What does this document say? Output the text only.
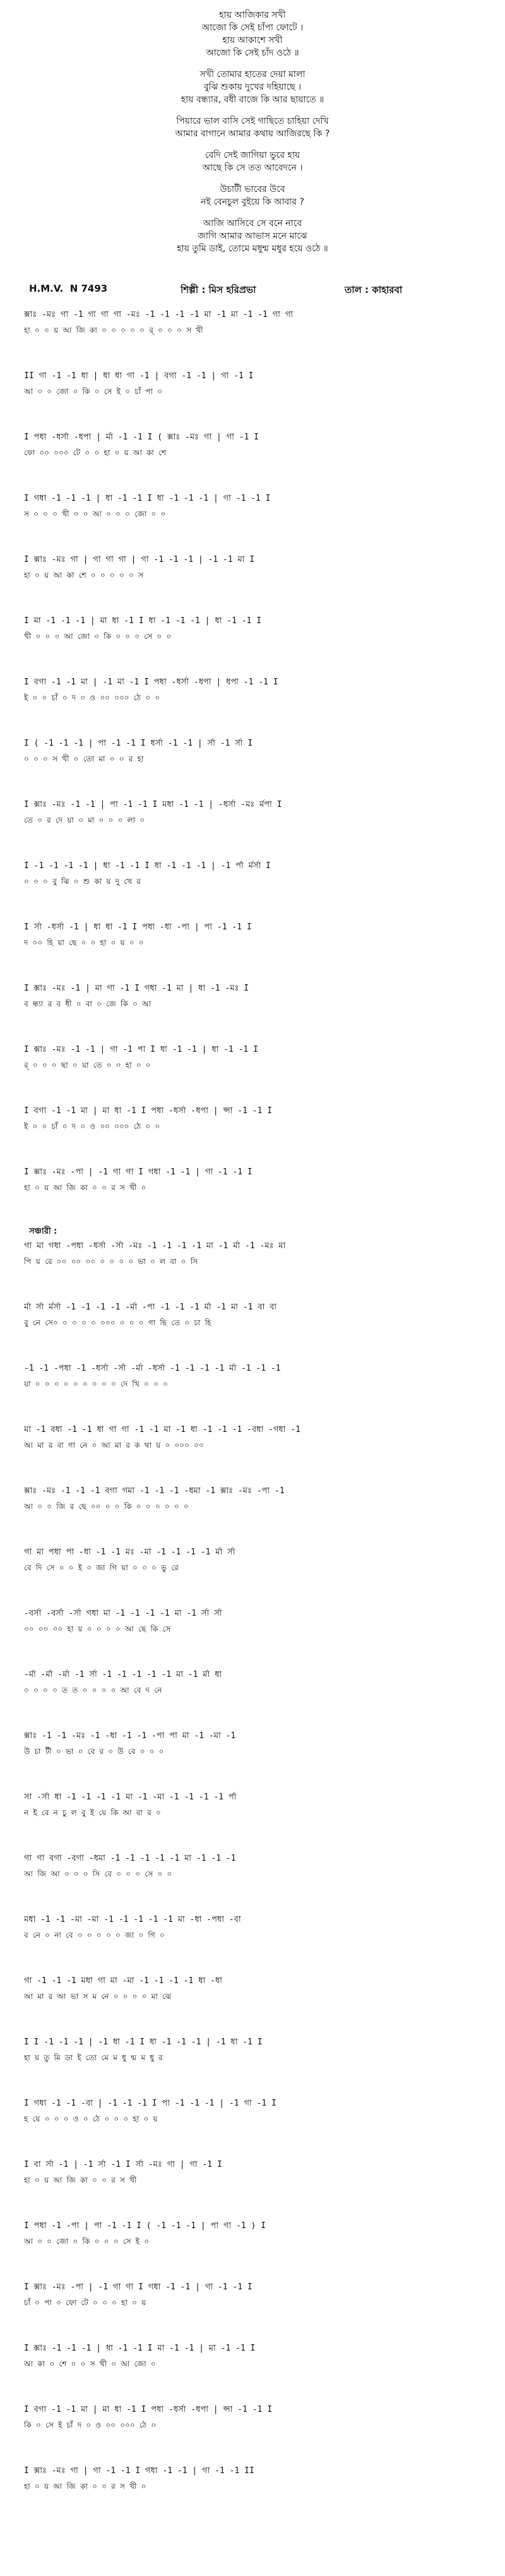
হায় আজিকার সখী
আজো কি সেই চাঁপা ফোটে ।
হায় আকাশে সখী
আজো কি সেই চাঁদ ওঠে ॥
সখী তোমার হাতের দেয়া মালা
বুঝি শুকায় দুখের দহিয়াছে ।
হায় বন্ধ্যার, বধী বাজে কি আর ছায়াতে ॥
পিয়ারে ভাল বাসি সেই গাছিতে চাহিয়া দেখি
আমার বাগানে আমার কথায় আজিরছে কি ?
বেদি সেই জাগিয়া ভুরে হায়
আছে কি সে তত আবেদনে ।
উচাটী ভাবের উবে
নই বেনচুল বুইয়ে কি আবার ?
আজি আসিবে সে বনে নাবে
জাগি আমার আভাস মনে মাঝে
হায় তুমি ডাই, তোমে মধুন্ম মধুর হয়ে ওঠে ॥

H.M.V.  N 7493

	শিল্পী : মিস হরিপ্রভা

	তাল : কাহারবা

ক্সাঃ -মঃ গা -1 গা গা গা -মঃ -1 -1 -1 -1 মা -1 মা -1 -1 গা গা
হা ০ ০ য় আ জি কা ০ ০ ০ ০ ০ র্ ০ ০ ০ স খী
II গা -1 -1 ধা | ধা ধা গা -1 | বগা -1 -1 | গা -1 I
আ ০ ০ জো ০ কি ০ সে ই ০ চাঁ পা ০
I পধা -ধর্সা -ধপা | র্মা -1 -1 I ( ক্সাঃ -মঃ গা | গা -1 I
ফো ০০ ০০০ টে ০ ০ হা ০ য় আ কা শে
I গধা -1 -1 -1 | ধা -1 -1 I ধা -1 -1 -1 | গা -1 -1 I
স ০ ০ ০ খী ০ ০ আ ০ ০ ০ জো ০ ০
I ক্সাঃ -মঃ গা | গা গা গা | গা -1 -1 -1 | -1 -1 মা I
হা ০ য় আ কা শে ০ ০ ০ ০ ০ স
I মা -1 -1 -1 | মা ধা -1 I ধা -1 -1 -1 | ধা -1 -1 I
খী ০ ০ ০ আ জো ০ কি ০ ০ ০ সে ০ ০
I বগা -1 -1 মা | -1 মা -1 I পধা -ধর্সা -ধপা | ধপা -1 -1 I
ই ০ ০ চাঁ ০ দ ০ ও ০০ ০০০ ঠে ০ ০
I ( -1 -1 -1 | পা -1 -1 I ধর্সা -1 -1 | র্সা -1 র্সা I
০ ০ ০ স খী ০ তো মা ০ ০ র হা
I ক্সাঃ -মঃ -1 -1 | পা -1 -1 I মধা -1 -1 | -ধর্সা -মঃ র্মপা I
তে ০ র দে য়া ০ মা ০ ০ ০ লা ০
I -1 -1 -1 -1 | ধা -1 -1 I ধা -1 -1 -1 | -1 র্পা র্মর্সা I
০ ০ ০ বু ঝি ০ শু কা য় দু খে র
I র্সা -ধর্সা -1 | ধা ধা -1 I পধা -ধা -পা | পা -1 -1 I
দ ০০ হি য়া ছে ০ ০ হা ০ য় ০ ০
I ক্সাঃ -মঃ -1 | মা গা -1 I গধা -1 মা | ধা -1 -মঃ I
ব ন্ধ্যা র ব ধী ০ বা ০ জে কি ০ আ
I ক্সাঃ -মঃ -1 -1 | গা -1 পা I ধা -1 -1 | ধা -1 -1 I
র্ ০ ০ ০ ছা ০ য়া তে ০ ০ হা ০ ০
I বগা -1 -1 মা | মা ধা -1 I পধা -ধর্সা -ধপা | প্সা -1 -1 I
ই ০ ০ চাঁ ০ দ ০ ও ০০ ০০০ ঠে ০ ০
I ক্সাঃ -মঃ -পা | -1 গা গা I গধা -1 -1 | গা -1 -1 I
হা ০ য় আ জি কা ০ ০ র স খী ০
গা মা গধা -পধা -ধর্সা -র্সা -মঃ -1 -1 -1 -1 মা -1 র্মা -1 -মঃ মা
পি য় রে ০০ ০০ ০০ ০ ০ ০ ০ ভা ০ ল বা ০ সি
র্মা র্সা র্মর্সা -1 -1 -1 -1 -র্মা -পা -1 -1 -1 র্মা -1 মা -1 বা বা
বু নে সে০ ০ ০ ০ ০ ০০০ ০ ০ ০ গা ছি তে ০ চা হি
-1 -1 -পধা -1 -ধর্সা -র্সা -র্মা -ধর্সা -1 -1 -1 -1 র্মা -1 -1 -1
য়া ০ ০ ০ ০ ০ ০ ০ ০ ০ দে খি ০ ০ ০
মা -1 বধা -1 -1 ধা গা গা -1 -1 মা -1 ধা -1 -1 -1 -বধা -গধা -1
আ মা র বা গা নে ০ আ মা র ক থা য় ০ ০০০ ০০
ক্সাঃ -মঃ -1 -1 -1 বগা গমা -1 -1 -1 -ধমা -1 ক্সাঃ -মঃ -পা -1
আ ০ ০ জি র ছে ০০ ০ ০ কি ০ ০ ০ ০ ০ ০
গা মা পধা পা -ধা -1 -1 মঃ -মা -1 -1 -1 -1 র্মা র্সা
বে দি সে ০ ০ ই ০ জা গি য়া ০ ০ ০ ভু রে
-বর্সা -বর্সা -র্সা গধা মা -1 -1 -1 -1 মা -1 র্সা র্সা
০০ ০০ ০০ হা য় ০ ০ ০ ০ আ ছে কি সে
-র্মা -র্মা -র্মা -1 র্সা -1 -1 -1 -1 -1 মা -1 র্মা ধা
০ ০ ০ ০ ত ত ০ ০ ০ ০ আ বে দ নে
ক্সাঃ -1 -1 -মঃ -1 -ধা -1 -1 -পা পা মা -1 -মা -1
উ চা টী ০ ভা ০ বে র ০ উ বে ০ ০ ০
সা -র্সা ধা -1 -1 -1 -1 মা -1 -মা -1 -1 -1 -1 র্পা
ন ই বে ন চু ল বু ই য়ে কি আ বা র ০
গা গা বগা -বগা -ধমা -1 -1 -1 -1 -1 মা -1 -1 -1
আ জি আ ০ ০ ০ সি বে ০ ০ ০ সে ০ ০
মধা -1 -1 -মা -মা -1 -1 -1 -1 -1 মা -ধা -পধা -বা
ব নে ০ না বে ০ ০ ০ ০ ০ জা ০ গি ০
গা -1 -1 -1 মধা গা মা -মা -1 -1 -1 -1 ধা -ধা
আ মা র আ ভা স ম নে ০ ০ ০ ০ মা ঝে
I I -1 -1 -1 | -1 ধা -1 I ধা -1 -1 -1 | -1 ধা -1 I
হা য় তু মি ডা ই তো মে ম ধু ন্ম ম ধু র
I গধা -1 -1 -বা | -1 -1 -1 I পা -1 -1 -1 | -1 গা -1 I
হ য়ে ০ ০ ০ ও ০ ঠে ০ ০ ০ হা ০ য়
I বা র্সা -1 | -1 র্সা -1 I র্সা -মঃ গা | গা -1 I
হা ০ য় আ জি কা ০ ০ র স খী
I পধা -1 -পা | পা -1 -1 I ( -1 -1 -1 | পা গা -1 ) I
আ ০ ০ জো ০ কি ০ ০ ০ সে ই ০
I ক্সাঃ -মঃ -পা | -1 গা গা I গধা -1 -1 | গা -1 -1 I
চাঁ ০ পা ০ ফো টে ০ ০ ০ হা ০ য়
I ক্সাঃ -1 -1 -1 | ধা -1 -1 I মা -1 -1 | মা -1 -1 I
আ কা ০ শে ০ ০ স খী ০ আ জো ০
I বগা -1 -1 মা | মা ধা -1 I পধা -ধর্সা -ধপা | প্সা -1 -1 I
কি ০ সে ই চাঁ দ ০ ও ০০ ০০০ ঠে ০
I ক্সাঃ -মঃ গা | গা -1 -1 I গধা -1 -1 | গা -1 -1 II
হা ০ য় আ জি কা ০ ০ র স খী ০
সঞ্চারী :
